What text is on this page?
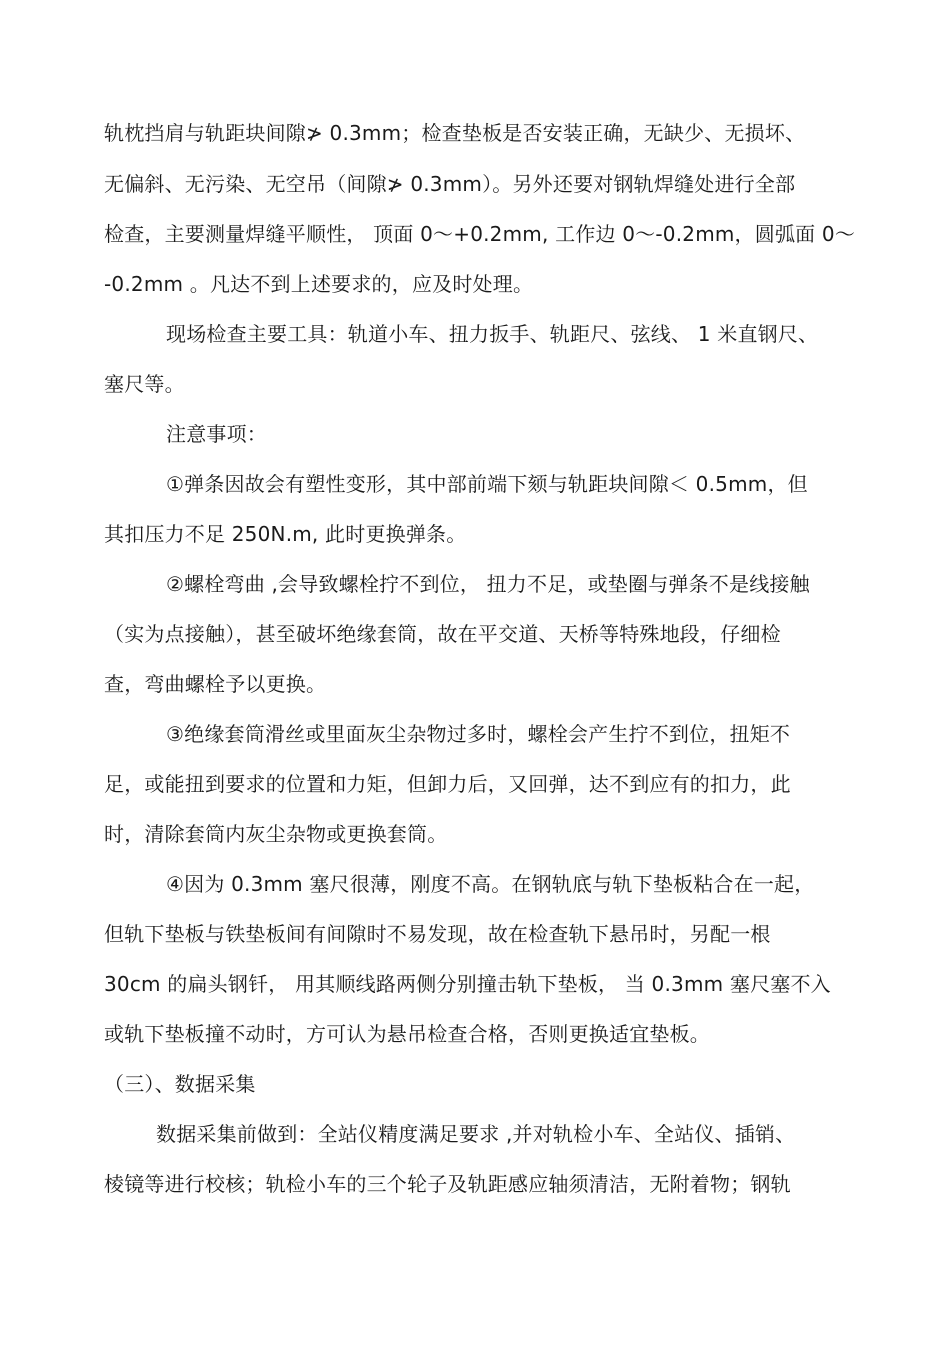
轨枕挡肩与轨距块间隙≯ 0.3mm；检查垫板是否安装正确，无缺少、无损坏、
无偏斜、无污染、无空吊（间隙≯ 0.3mm）。另外还要对钢轨焊缝处进行全部
检查，主要测量焊缝平顺性， 顶面 0～+0.2mm, 工作边 0～-0.2mm，圆弧面 0～
-0.2mm 。凡达不到上述要求的，应及时处理。
现场检查主要工具：轨道小车、扭力扳手、轨距尺、弦线、 1 米直钢尺、
塞尺等。
注意事项：
①弹条因故会有塑性变形，其中部前端下颏与轨距块间隙＜ 0.5mm，但
其扣压力不足 250N.m, 此时更换弹条。
②螺栓弯曲 ,会导致螺栓拧不到位， 扭力不足，或垫圈与弹条不是线接触
（实为点接触），甚至破坏绝缘套筒，故在平交道、天桥等特殊地段，仔细检
查，弯曲螺栓予以更换。
③绝缘套筒滑丝或里面灰尘杂物过多时，螺栓会产生拧不到位，扭矩不
足，或能扭到要求的位置和力矩，但卸力后，又回弹，达不到应有的扣力，此
时，清除套筒内灰尘杂物或更换套筒。
④因为 0.3mm 塞尺很薄，刚度不高。在钢轨底与轨下垫板粘合在一起，
但轨下垫板与铁垫板间有间隙时不易发现，故在检查轨下悬吊时，另配一根
30cm 的扁头钢钎， 用其顺线路两侧分别撞击轨下垫板， 当 0.3mm 塞尺塞不入
或轨下垫板撞不动时，方可认为悬吊检查合格，否则更换适宜垫板。
（三）、数据采集
数据采集前做到：全站仪精度满足要求 ,并对轨检小车、全站仪、插销、
棱镜等进行校核；轨检小车的三个轮子及轨距感应轴须清洁，无附着物；钢轨
